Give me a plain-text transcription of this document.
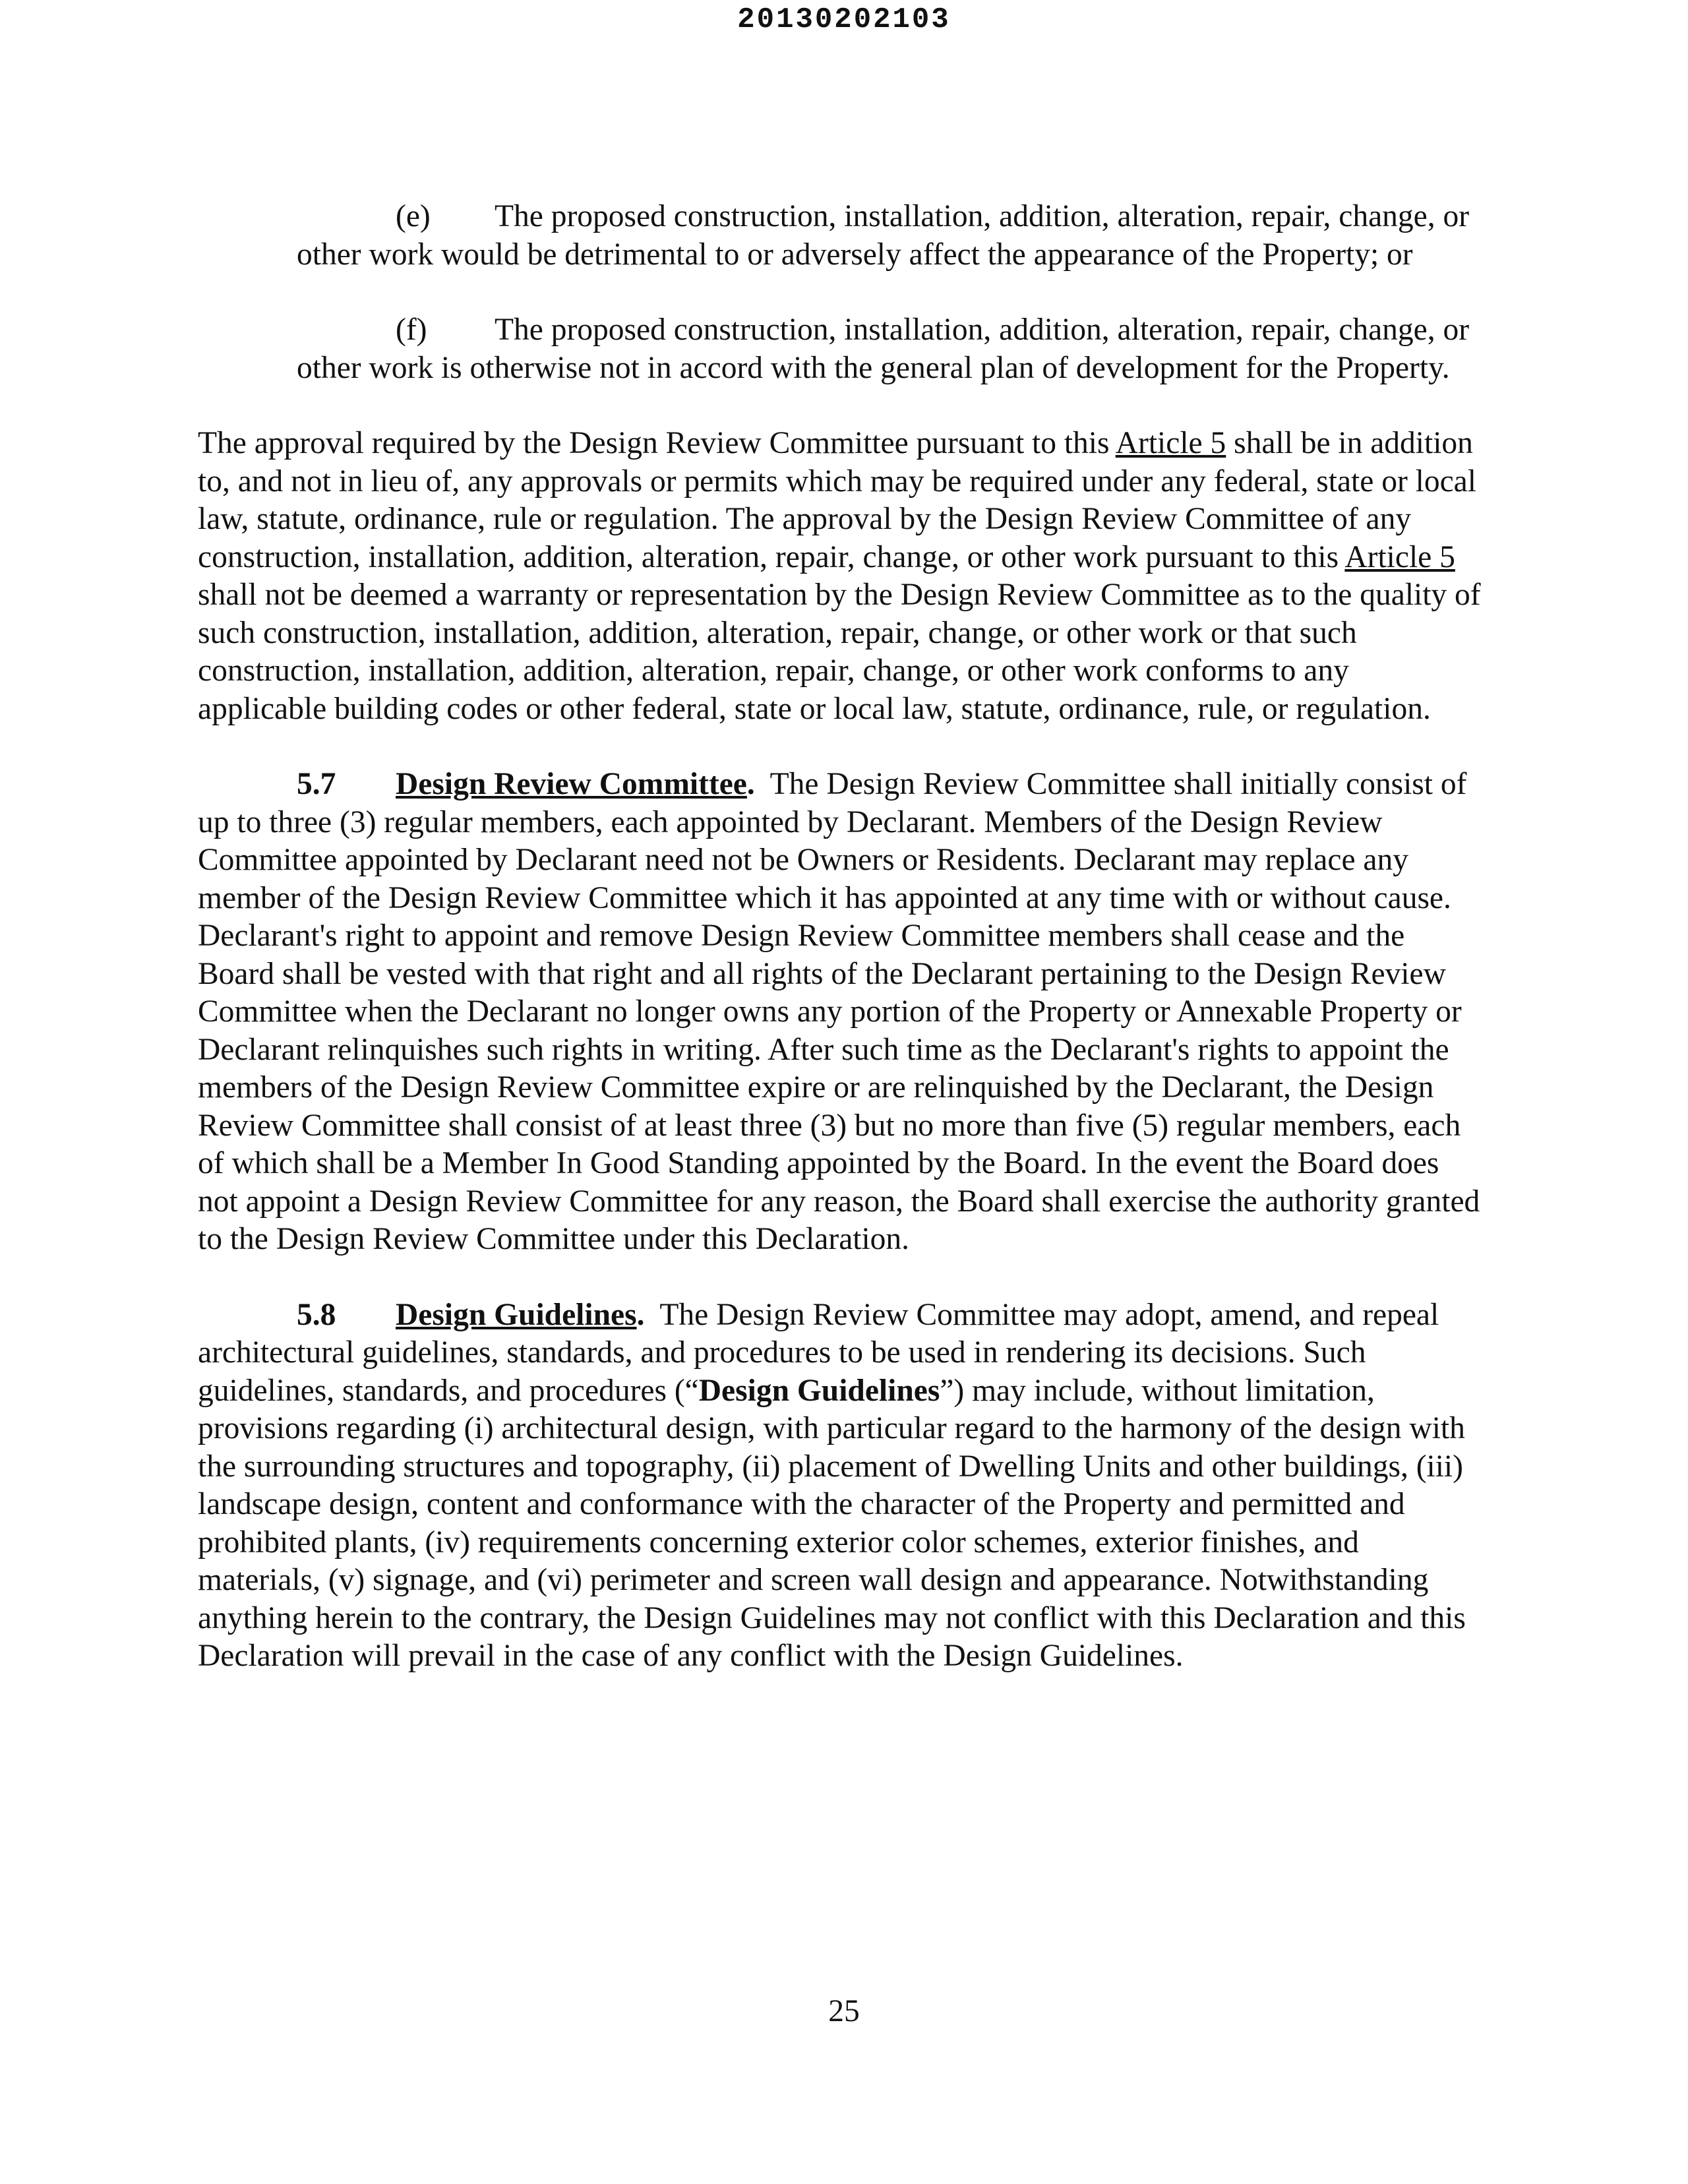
20130202103

(e) The proposed construction, installation, addition, alteration, repair, change, or other work would be detrimental to or adversely affect the appearance of the Property; or

(f) The proposed construction, installation, addition, alteration, repair, change, or other work is otherwise not in accord with the general plan of development for the Property.

The approval required by the Design Review Committee pursuant to this Article 5 shall be in addition to, and not in lieu of, any approvals or permits which may be required under any federal, state or local law, statute, ordinance, rule or regulation. The approval by the Design Review Committee of any construction, installation, addition, alteration, repair, change, or other work pursuant to this Article 5 shall not be deemed a warranty or representation by the Design Review Committee as to the quality of such construction, installation, addition, alteration, repair, change, or other work or that such construction, installation, addition, alteration, repair, change, or other work conforms to any applicable building codes or other federal, state or local law, statute, ordinance, rule, or regulation.

5.7 Design Review Committee. The Design Review Committee shall initially consist of up to three (3) regular members, each appointed by Declarant. Members of the Design Review Committee appointed by Declarant need not be Owners or Residents. Declarant may replace any member of the Design Review Committee which it has appointed at any time with or without cause. Declarant's right to appoint and remove Design Review Committee members shall cease and the Board shall be vested with that right and all rights of the Declarant pertaining to the Design Review Committee when the Declarant no longer owns any portion of the Property or Annexable Property or Declarant relinquishes such rights in writing. After such time as the Declarant's rights to appoint the members of the Design Review Committee expire or are relinquished by the Declarant, the Design Review Committee shall consist of at least three (3) but no more than five (5) regular members, each of which shall be a Member In Good Standing appointed by the Board. In the event the Board does not appoint a Design Review Committee for any reason, the Board shall exercise the authority granted to the Design Review Committee under this Declaration.

5.8 Design Guidelines. The Design Review Committee may adopt, amend, and repeal architectural guidelines, standards, and procedures to be used in rendering its decisions. Such guidelines, standards, and procedures (“Design Guidelines”) may include, without limitation, provisions regarding (i) architectural design, with particular regard to the harmony of the design with the surrounding structures and topography, (ii) placement of Dwelling Units and other buildings, (iii) landscape design, content and conformance with the character of the Property and permitted and prohibited plants, (iv) requirements concerning exterior color schemes, exterior finishes, and materials, (v) signage, and (vi) perimeter and screen wall design and appearance. Notwithstanding anything herein to the contrary, the Design Guidelines may not conflict with this Declaration and this Declaration will prevail in the case of any conflict with the Design Guidelines.

25
